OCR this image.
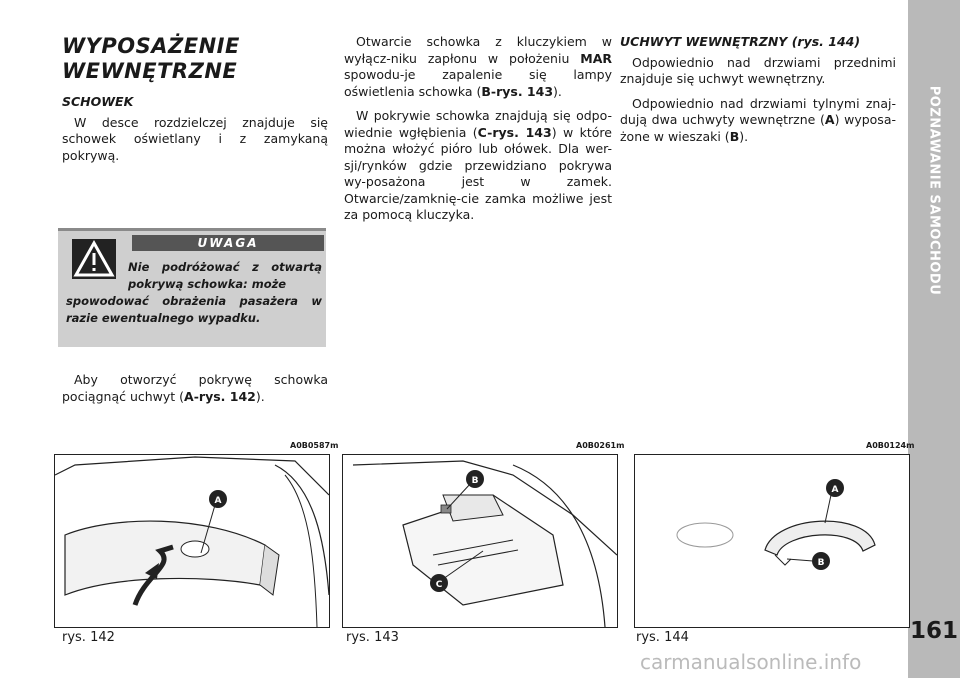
POZNAWANIE SAMOCHODU
161
WYPOSAŻENIE WEWNĘTRZNE
SCHOWEK

W desce rozdzielczej znajduje się schowek oświetlany i z zamykaną pokrywą.

UWAGA
Nie podróżować z otwartą pokrywą schowka: może
spowodować obrażenia pasażera w razie ewentualnego wypadku.

Aby otworzyć pokrywę schowka pociągnąć uchwyt (A-rys. 142).

Otwarcie schowka z kluczykiem w wyłącz-niku zapłonu w położeniu MAR spowodu-je zapalenie się lampy oświetlenia schowka (B-rys. 143).

W pokrywie schowka znajdują się odpo-wiednie wgłębienia (C-rys. 143) w które można włożyć pióro lub ołówek. Dla wer-sji/rynków gdzie przewidziano pokrywa wy-posażona jest w zamek. Otwarcie/zamknię-cie zamka możliwe jest za pomocą kluczyka.

UCHWYT WEWNĘTRZNY (rys. 144)

Odpowiednio nad drzwiami przednimi znajduje się uchwyt wewnętrzny.

Odpowiednio nad drzwiami tylnymi znaj-dują dwa uchwyty wewnętrzne (A) wyposa-żone w wieszaki (B).

A0B0587m
A
rys. 142
A0B0261m
B
C
rys. 143
A0B0124m
A
B
rys. 144
carmanualsonline.info
